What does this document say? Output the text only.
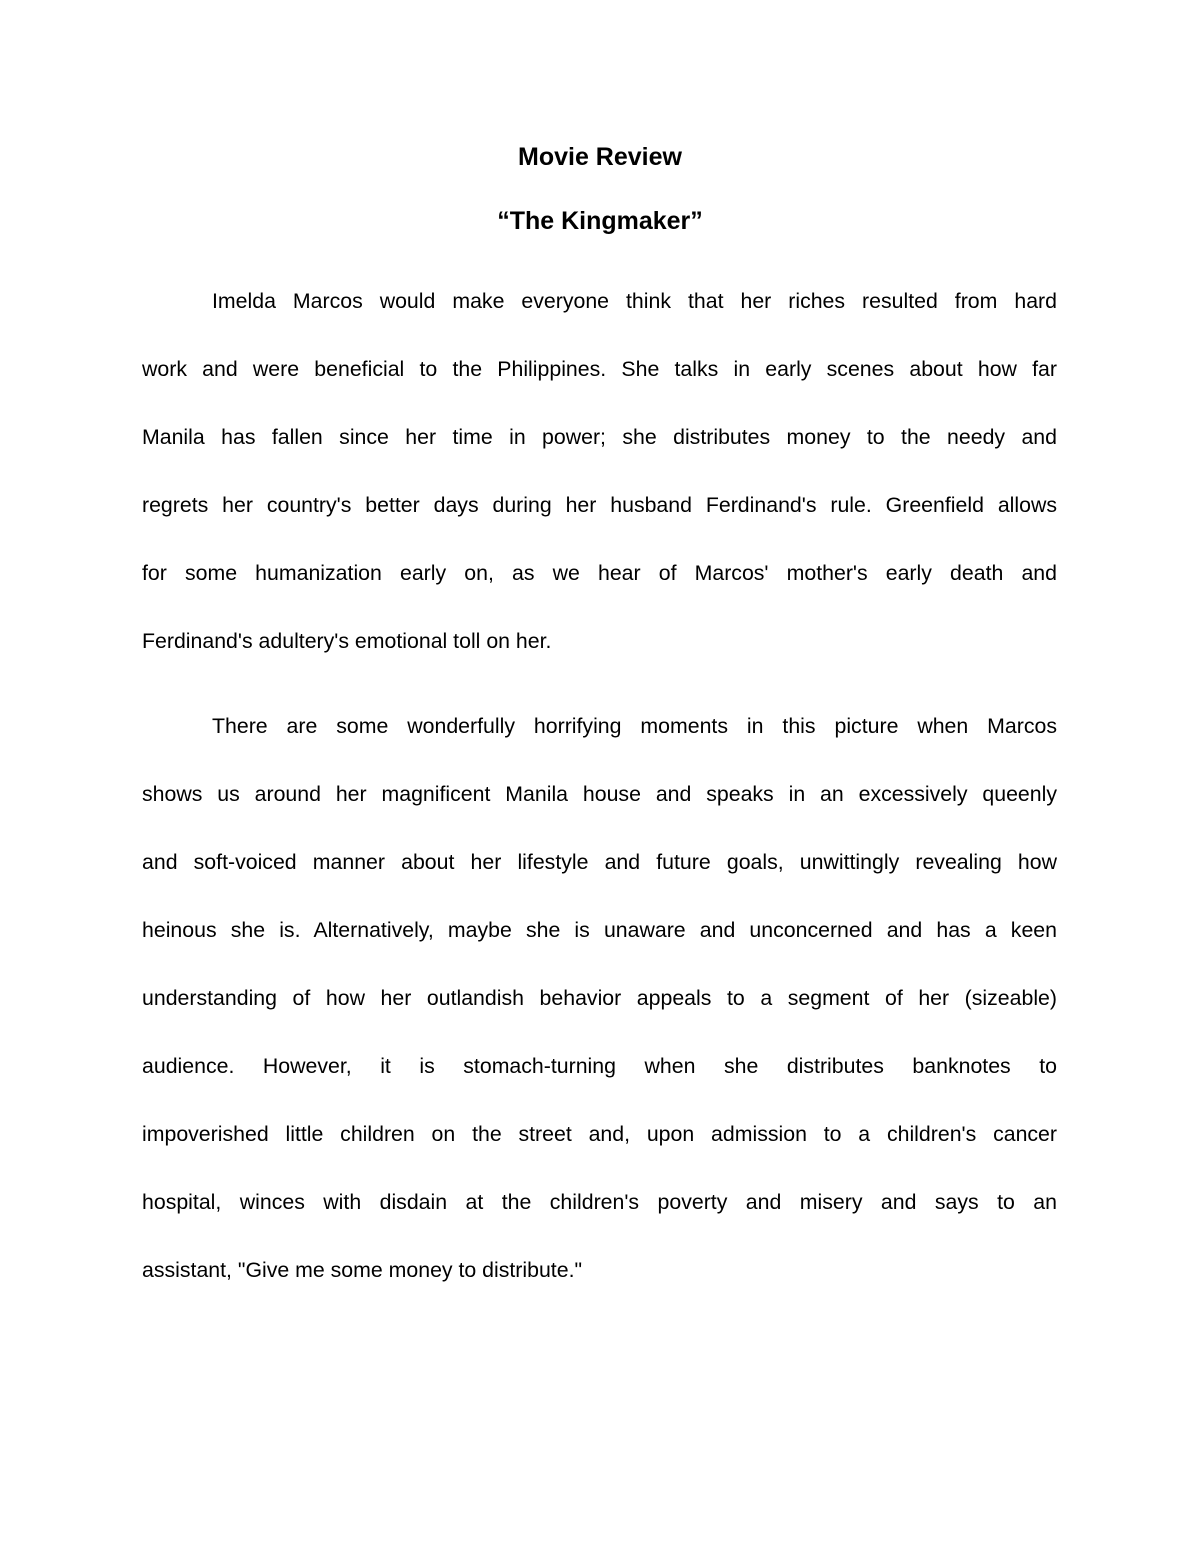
Movie Review
“The Kingmaker”
Imelda Marcos would make everyone think that her riches resulted from hard
work and were beneficial to the Philippines. She talks in early scenes about how far
Manila has fallen since her time in power; she distributes money to the needy and
regrets her country's better days during her husband Ferdinand's rule. Greenfield allows
for some humanization early on, as we hear of Marcos' mother's early death and
Ferdinand's adultery's emotional toll on her.
There are some wonderfully horrifying moments in this picture when Marcos
shows us around her magnificent Manila house and speaks in an excessively queenly
and soft-voiced manner about her lifestyle and future goals, unwittingly revealing how
heinous she is. Alternatively, maybe she is unaware and unconcerned and has a keen
understanding of how her outlandish behavior appeals to a segment of her (sizeable)
audience. However, it is stomach-turning when she distributes banknotes to
impoverished little children on the street and, upon admission to a children's cancer
hospital, winces with disdain at the children's poverty and misery and says to an
assistant, "Give me some money to distribute."
